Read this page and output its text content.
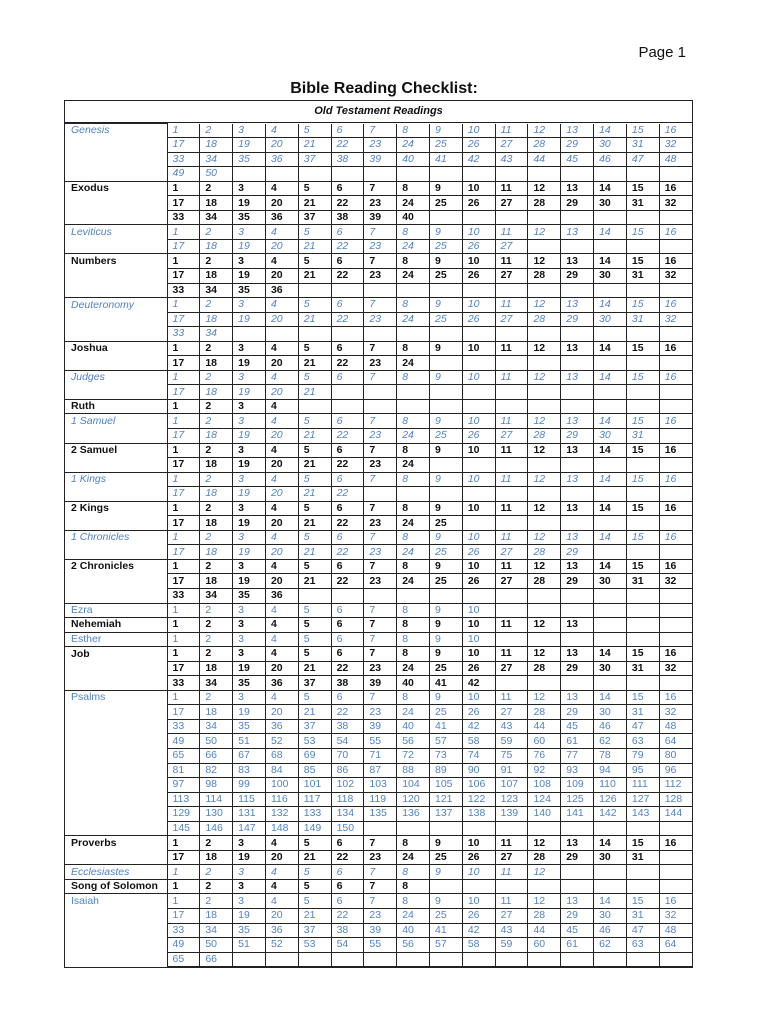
Page 1
Bible Reading Checklist:
Old Testament Readings
Genesis	1	2	3	4	5	6	7	8	9	10	11	12	13	14	15	16
	17	18	19	20	21	22	23	24	25	26	27	28	29	30	31	32
	33	34	35	36	37	38	39	40	41	42	43	44	45	46	47	48
	49	50														
Exodus	1	2	3	4	5	6	7	8	9	10	11	12	13	14	15	16
	17	18	19	20	21	22	23	24	25	26	27	28	29	30	31	32
	33	34	35	36	37	38	39	40								
Leviticus	1	2	3	4	5	6	7	8	9	10	11	12	13	14	15	16
	17	18	19	20	21	22	23	24	25	26	27					
Numbers	1	2	3	4	5	6	7	8	9	10	11	12	13	14	15	16
	17	18	19	20	21	22	23	24	25	26	27	28	29	30	31	32
	33	34	35	36												
Deuteronomy	1	2	3	4	5	6	7	8	9	10	11	12	13	14	15	16
	17	18	19	20	21	22	23	24	25	26	27	28	29	30	31	32
	33	34														
Joshua	1	2	3	4	5	6	7	8	9	10	11	12	13	14	15	16
	17	18	19	20	21	22	23	24								
Judges	1	2	3	4	5	6	7	8	9	10	11	12	13	14	15	16
	17	18	19	20	21											
Ruth	1	2	3	4												
1 Samuel	1	2	3	4	5	6	7	8	9	10	11	12	13	14	15	16
	17	18	19	20	21	22	23	24	25	26	27	28	29	30	31	
2 Samuel	1	2	3	4	5	6	7	8	9	10	11	12	13	14	15	16
	17	18	19	20	21	22	23	24								
1 Kings	1	2	3	4	5	6	7	8	9	10	11	12	13	14	15	16
	17	18	19	20	21	22										
2 Kings	1	2	3	4	5	6	7	8	9	10	11	12	13	14	15	16
	17	18	19	20	21	22	23	24	25							
1 Chronicles	1	2	3	4	5	6	7	8	9	10	11	12	13	14	15	16
	17	18	19	20	21	22	23	24	25	26	27	28	29			
2 Chronicles	1	2	3	4	5	6	7	8	9	10	11	12	13	14	15	16
	17	18	19	20	21	22	23	24	25	26	27	28	29	30	31	32
	33	34	35	36												
Ezra	1	2	3	4	5	6	7	8	9	10						
Nehemiah	1	2	3	4	5	6	7	8	9	10	11	12	13			
Esther	1	2	3	4	5	6	7	8	9	10						
Job	1	2	3	4	5	6	7	8	9	10	11	12	13	14	15	16
	17	18	19	20	21	22	23	24	25	26	27	28	29	30	31	32
	33	34	35	36	37	38	39	40	41	42						
Psalms	1	2	3	4	5	6	7	8	9	10	11	12	13	14	15	16
	17	18	19	20	21	22	23	24	25	26	27	28	29	30	31	32
	33	34	35	36	37	38	39	40	41	42	43	44	45	46	47	48
	49	50	51	52	53	54	55	56	57	58	59	60	61	62	63	64
	65	66	67	68	69	70	71	72	73	74	75	76	77	78	79	80
	81	82	83	84	85	86	87	88	89	90	91	92	93	94	95	96
	97	98	99	100	101	102	103	104	105	106	107	108	109	110	111	112
	113	114	115	116	117	118	119	120	121	122	123	124	125	126	127	128
	129	130	131	132	133	134	135	136	137	138	139	140	141	142	143	144
	145	146	147	148	149	150										
Proverbs	1	2	3	4	5	6	7	8	9	10	11	12	13	14	15	16
	17	18	19	20	21	22	23	24	25	26	27	28	29	30	31	
Ecclesiastes	1	2	3	4	5	6	7	8	9	10	11	12				
Song of Solomon	1	2	3	4	5	6	7	8								
Isaiah	1	2	3	4	5	6	7	8	9	10	11	12	13	14	15	16
	17	18	19	20	21	22	23	24	25	26	27	28	29	30	31	32
	33	34	35	36	37	38	39	40	41	42	43	44	45	46	47	48
	49	50	51	52	53	54	55	56	57	58	59	60	61	62	63	64
	65	66														
